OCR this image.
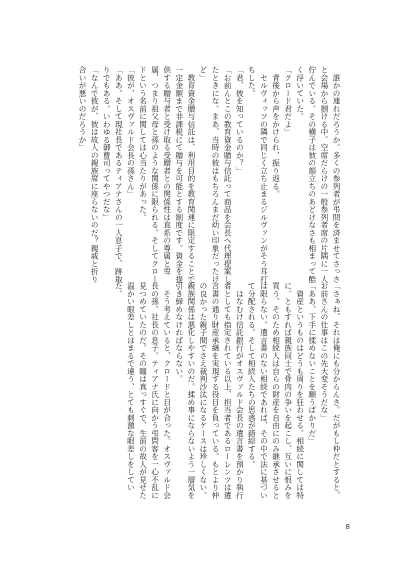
　誰かの連れだろうか。多くの参列者が弔問を済ませてさっさと会場から捌ける中、空席だらけの一般参列者席の片隅に一人佇んでいる。その横子は彼の顔立ちのあどけなさも相まって酷く浮いていた。

「クロード君だよ」

　背後から声をかけられ、振り返る。

　セルヴィッツの隣で同じく立ち止まるジルヴァンがそう耳打ちした。

「君、彼を知っているのか？」

「お前んとこの教育資金贈与信託って商品を会長へ代理提案したときにな。まあ、当時の彼はもちろんまだ幼い印象だったけど」

　教育資金贈与信託は、利用目的を教育関連に限定することで一定金額まで非課税にて贈与を可能とする制度です。資金を提供する贈与者と受け取る受贈者との関係性は直系の尊属と卑属、つまり祖父母と孫のような関係に限られる。そしてクロードという名前に関しては心当たりがあった。

「彼が、オスヴァルド会長の孫さん」

「ああ。そして現社長であるティアナさんの一人息子で、跡取りでもある。いわゆる御曹司ってやつだな」

「なんで彼が、彼は故人の親族席に座らないのだ？親戚と折り合いが悪いのだろうか」

「さぁね、それは俺にも分からんさ。だがもし仲だとすると、お前さんの仕事はこの先大変そうだな」

「ああ、下手に揉めないことを願うばかりだ」

　資産というものはどうも周りを狂わせる。相続に関しては特に。ともすれば親族同士で骨肉の争いを起こし、互いに恨みを買う。そのため相続人は自らの財産を自由にのみ継承させるとは限らない。遺言書のない相続であれば、その中で法に基づいて分配される。そして相続人たちの思惑が錯綜する。

　はなむけ信託銀行がオスヴァルド会長の遺言書を預かり執行者としても指定されている以上、担当者であるローレンツは遺言書の通り財産承継を実現する役目を負っている。もとより仲の良かった親子間でさえ裁判沙汰になるケースは珍しくない。親族関係は悪化しやすいのだ。揉め事にならないよう一層気を引き締めなければならない。

　そう考えていると、クロードと目が合った。オスヴァルド会長の孫。社長の息子。ティアナ氏に向かう弔問客を一心不乱に見つめていたのだ。その瞳は真っすぐで、生前の故人が見せた温かい眼差しとはまるで違う、とても刺激な眼差しをしていた。

8
